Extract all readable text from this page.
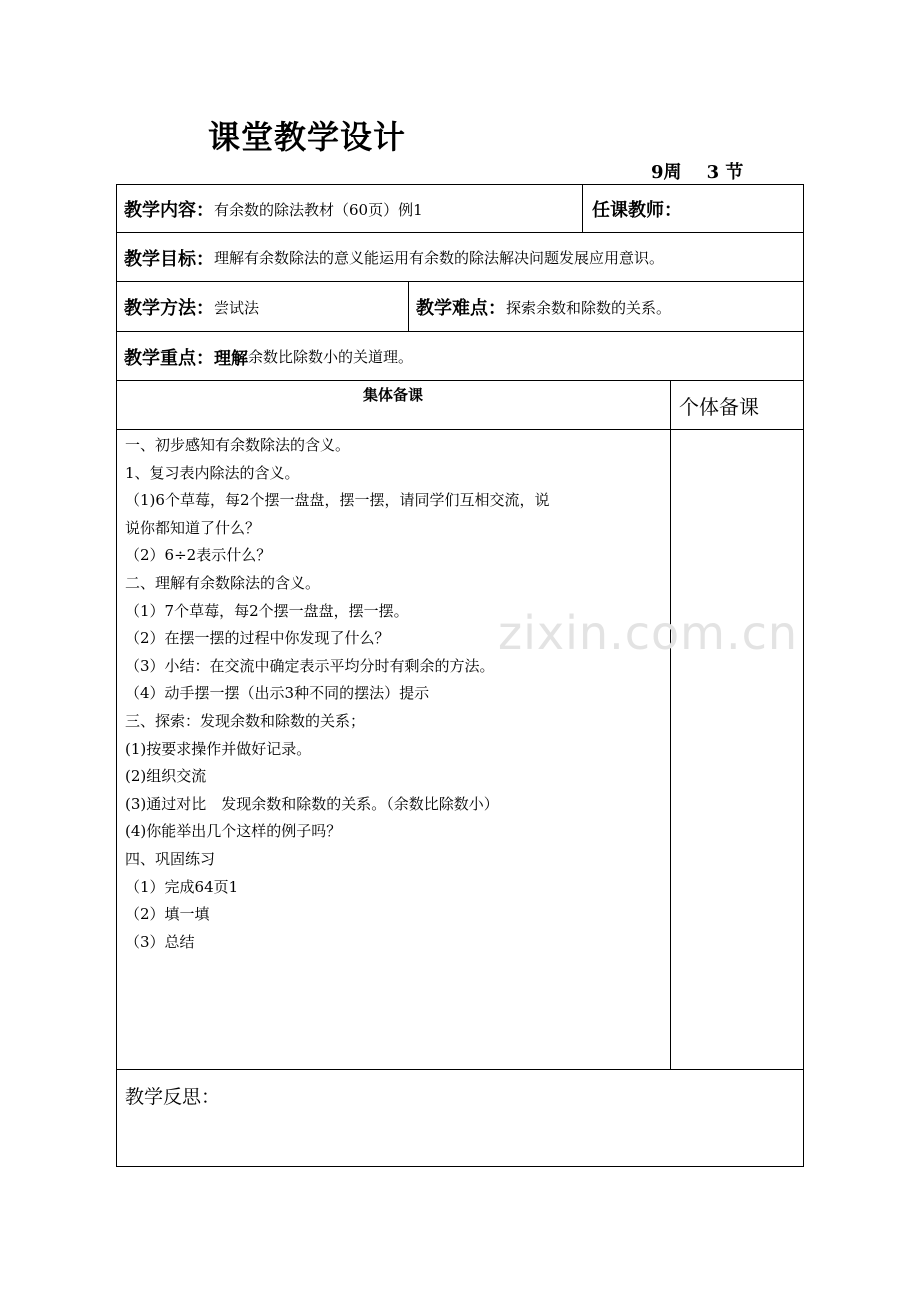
课堂教学设计
9周    3 节
教学内容： 有余数的除法教材（60页）例1	任课教师：
教学目标： 理解有余数除法的意义能运用有余数的除法解决问题发展应用意识。
教学方法： 尝试法	教学难点： 探索余数和除数的关系。
教学重点： 理解 余数比除数小的关道理。
集体备课	个体备课
一、初步感知有余数除法的含义。
1、复习表内除法的含义。
（1)6个草莓，每2个摆一盘盘，摆一摆，请同学们互相交流，说
说你都知道了什么？
（2）6÷2表示什么？
二、理解有余数除法的含义。
（1）7个草莓，每2个摆一盘盘，摆一摆。
（2）在摆一摆的过程中你发现了什么？
（3）小结：在交流中确定表示平均分时有剩余的方法。
（4）动手摆一摆（出示3种不同的摆法）提示
三、探索：发现余数和除数的关系；
(1)按要求操作并做好记录。
(2)组织交流
(3)通过对比　发现余数和除数的关系。（余数比除数小）
(4)你能举出几个这样的例子吗？
四、巩固练习
（1）完成64页1
（2）填一填
（3）总结
zixin.com.cn
教学反思：
